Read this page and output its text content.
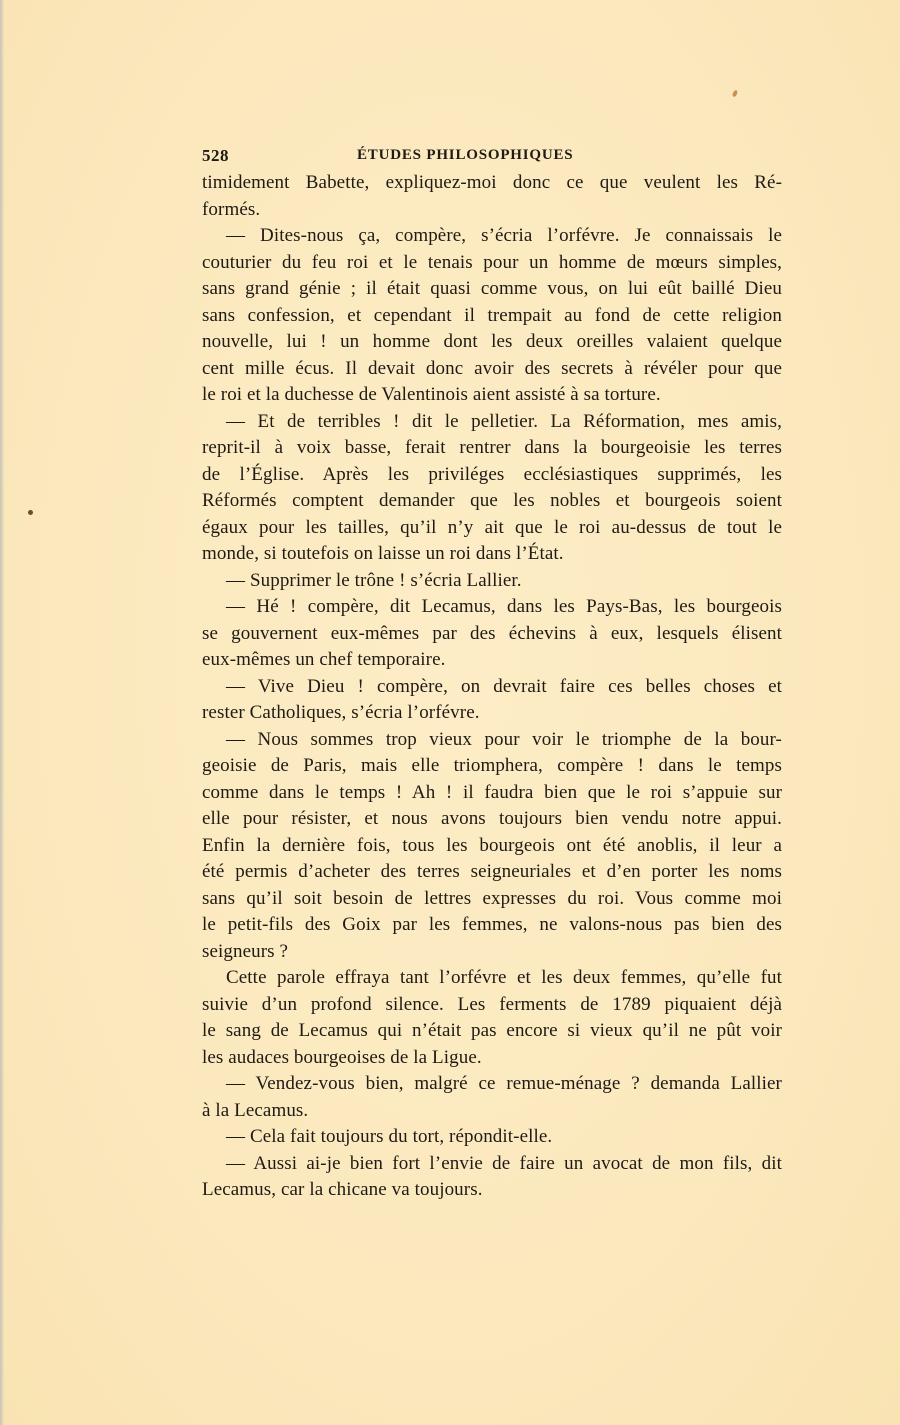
528	ÉTUDES PHILOSOPHIQUES
timidement Babette, expliquez-moi donc ce que veulent les Ré-
formés.
— Dites-nous ça, compère, s’écria l’orfévre. Je connaissais le
couturier du feu roi et le tenais pour un homme de mœurs simples,
sans grand génie ; il était quasi comme vous, on lui eût baillé Dieu
sans confession, et cependant il trempait au fond de cette religion
nouvelle, lui ! un homme dont les deux oreilles valaient quelque
cent mille écus. Il devait donc avoir des secrets à révéler pour que
le roi et la duchesse de Valentinois aient assisté à sa torture.
— Et de terribles ! dit le pelletier. La Réformation, mes amis,
reprit-il à voix basse, ferait rentrer dans la bourgeoisie les terres
de l’Église. Après les priviléges ecclésiastiques supprimés, les
Réformés comptent demander que les nobles et bourgeois soient
égaux pour les tailles, qu’il n’y ait que le roi au-dessus de tout le
monde, si toutefois on laisse un roi dans l’État.
— Supprimer le trône ! s’écria Lallier.
— Hé ! compère, dit Lecamus, dans les Pays-Bas, les bourgeois
se gouvernent eux-mêmes par des échevins à eux, lesquels élisent
eux-mêmes un chef temporaire.
— Vive Dieu ! compère, on devrait faire ces belles choses et
rester Catholiques, s’écria l’orfévre.
— Nous sommes trop vieux pour voir le triomphe de la bour-
geoisie de Paris, mais elle triomphera, compère ! dans le temps
comme dans le temps ! Ah ! il faudra bien que le roi s’appuie sur
elle pour résister, et nous avons toujours bien vendu notre appui.
Enfin la dernière fois, tous les bourgeois ont été anoblis, il leur a
été permis d’acheter des terres seigneuriales et d’en porter les noms
sans qu’il soit besoin de lettres expresses du roi. Vous comme moi
le petit-fils des Goix par les femmes, ne valons-nous pas bien des
seigneurs ?
Cette parole effraya tant l’orfévre et les deux femmes, qu’elle fut
suivie d’un profond silence. Les ferments de 1789 piquaient déjà
le sang de Lecamus qui n’était pas encore si vieux qu’il ne pût voir
les audaces bourgeoises de la Ligue.
— Vendez-vous bien, malgré ce remue-ménage ? demanda Lallier
à la Lecamus.
— Cela fait toujours du tort, répondit-elle.
— Aussi ai-je bien fort l’envie de faire un avocat de mon fils, dit
Lecamus, car la chicane va toujours.
